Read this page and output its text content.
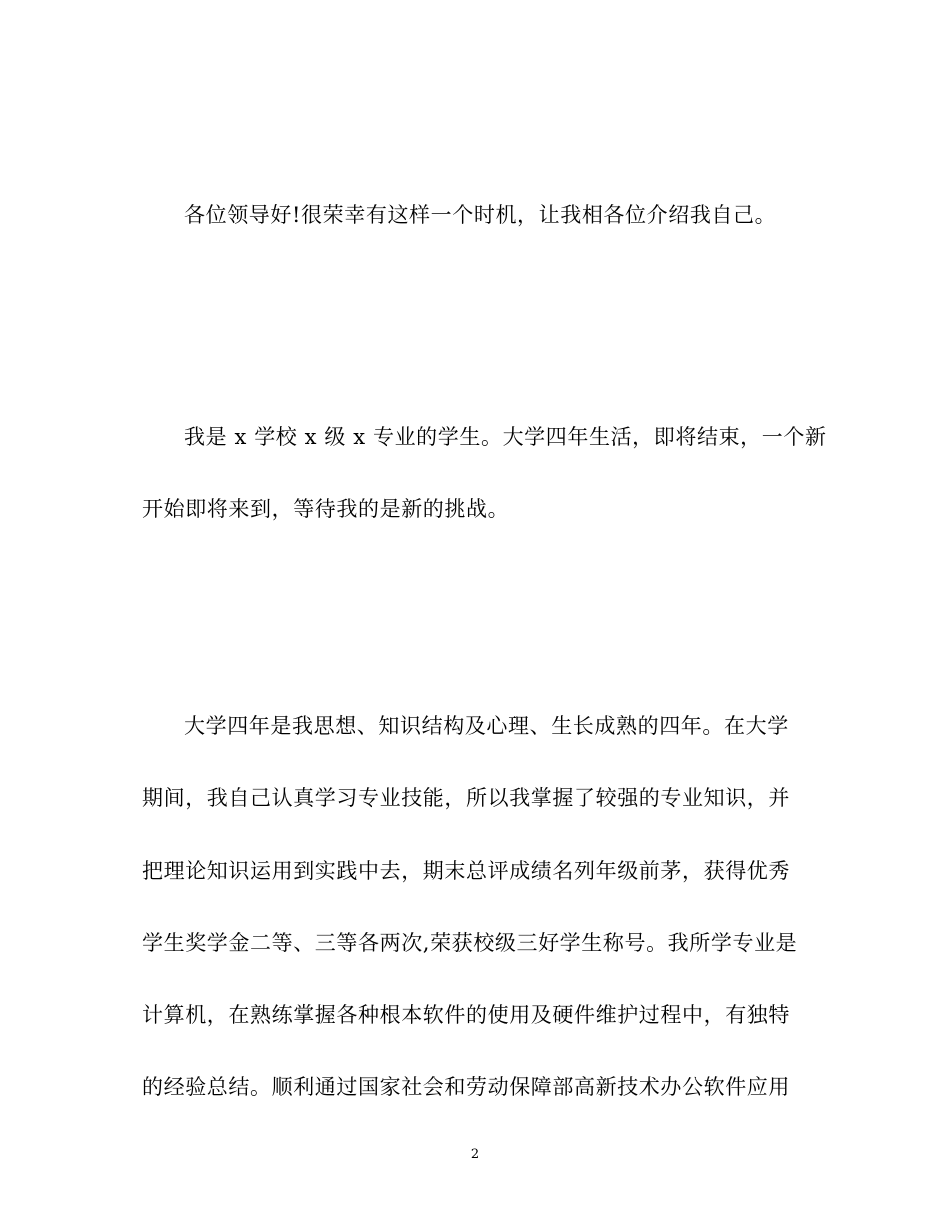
各位领导好!很荣幸有这样一个时机，让我相各位介绍我自己。
我是 x 学校 x 级 x 专业的学生。大学四年生活，即将结束，一个新
开始即将来到，等待我的是新的挑战。
大学四年是我思想、知识结构及心理、生长成熟的四年。在大学
期间，我自己认真学习专业技能，所以我掌握了较强的专业知识，并
把理论知识运用到实践中去，期末总评成绩名列年级前茅，获得优秀
学生奖学金二等、三等各两次,荣获校级三好学生称号。我所学专业是
计算机，在熟练掌握各种根本软件的使用及硬件维护过程中，有独特
的经验总结。顺利通过国家社会和劳动保障部高新技术办公软件应用
2
